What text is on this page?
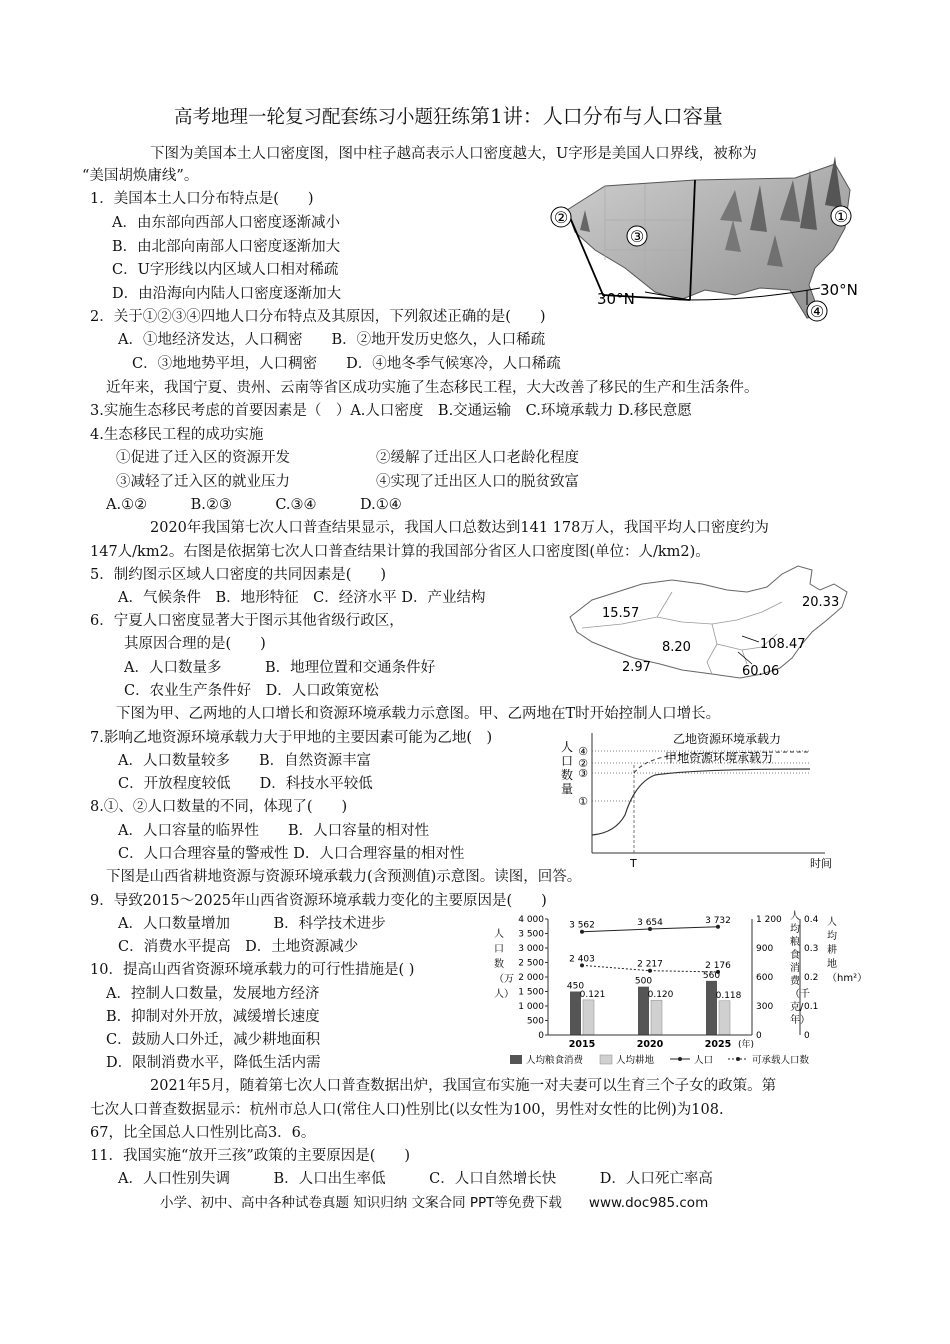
高考地理一轮复习配套练习小题狂练第1讲：人口分布与人口容量
下图为美国本土人口密度图，图中柱子越高表示人口密度越大，U字形是美国人口界线，被称为
“美国胡焕庸线”。
1．美国本土人口分布特点是(　　)
A．由东部向西部人口密度逐渐减小
B．由北部向南部人口密度逐渐加大
C．U字形线以内区域人口相对稀疏
D．由沿海向内陆人口密度逐渐加大
2．关于①②③④四地人口分布特点及其原因，下列叙述正确的是(　　)
A．①地经济发达，人口稠密　　B．②地开发历史悠久，人口稀疏
C．③地地势平坦，人口稠密　　D．④地冬季气候寒冷，人口稀疏
②
③
①
④
30°N	30°N
近年来，我国宁夏、贵州、云南等省区成功实施了生态移民工程，大大改善了移民的生产和生活条件。
3.实施生态移民考虑的首要因素是（　）A.人口密度　B.交通运输　C.环境承载力 D.移民意愿
4.生态移民工程的成功实施
①促进了迁入区的资源开发	②缓解了迁出区人口老龄化程度
③减轻了迁入区的就业压力	④实现了迁出区人口的脱贫致富
A.①②　　　B.②③　　　C.③④　　　D.①④
2020年我国第七次人口普查结果显示，我国人口总数达到141 178万人，我国平均人口密度约为
147人/km2。右图是依据第七次人口普查结果计算的我国部分省区人口密度图(单位：人/km2)。
5．制约图示区域人口密度的共同因素是(　　)
A．气候条件　B．地形特征　C．经济水平 D．产业结构
6．宁夏人口密度显著大于图示其他省级行政区，
其原因合理的是(　　)
A．人口数量多　　　B．地理位置和交通条件好
C．农业生产条件好　D．人口政策宽松
15.57
20.33
8.20	108.47
2.97	60.06
下图为甲、乙两地的人口增长和资源环境承载力示意图。甲、乙两地在T时开始控制人口增长。
7.影响乙地资源环境承载力大于甲地的主要因素可能为乙地(　)
A．人口数量较多　　B．自然资源丰富
C．开放程度较低　　D．科技水平较低
8.①、②人口数量的不同，体现了(　　)
A．人口容量的临界性　　B．人口容量的相对性
C．人口合理容量的警戒性 D．人口合理容量的相对性
人
口
数
量
时间
T
④
②
③
①
乙地资源环境承载力
甲地资源环境承载力
下图是山西省耕地资源与资源环境承载力(含预测值)示意图。读图，回答。
9．导致2015～2025年山西省资源环境承载力变化的主要原因是(　　)
A．人口数量增加　　　B．科学技术进步
C．消费水平提高　D．土地资源减少
10．提高山西省资源环境承载力的可行性措施是( )
A．控制人口数量，发展地方经济
B．抑制对外开放，减缓增长速度
C．鼓励人口外迁，减少耕地面积
D．限制消费水平，降低生活内需
450	500
560
0.121	0.120	0.118
3 562	3 654	3 732
2 403
2 217	2 176
4 000
3 500
3 000
2 500
2 000
1 500
1 000
500
0
1 200
900
600
300
0
0.4
0.3
0.2
0.1
0
人
口
数
（万
人）
人
均
粮
食
消
费
（千
克/
年）
人
均
耕
地
（hm²）
2015	2020	2025 (年)
人均粮食消费	人均耕地	人口	可承载人口数
2021年5月，随着第七次人口普查数据出炉，我国宣布实施一对夫妻可以生育三个子女的政策。第
七次人口普查数据显示：杭州市总人口(常住人口)性别比(以女性为100，男性对女性的比例)为108.
67，比全国总人口性别比高3．6。
11．我国实施“放开三孩”政策的主要原因是(　　)
A．人口性别失调　　　B．人口出生率低　　　C．人口自然增长快　　　D．人口死亡率高
小学、初中、高中各种试卷真题 知识归纳 文案合同 PPT等免费下载　　www.doc985.com
